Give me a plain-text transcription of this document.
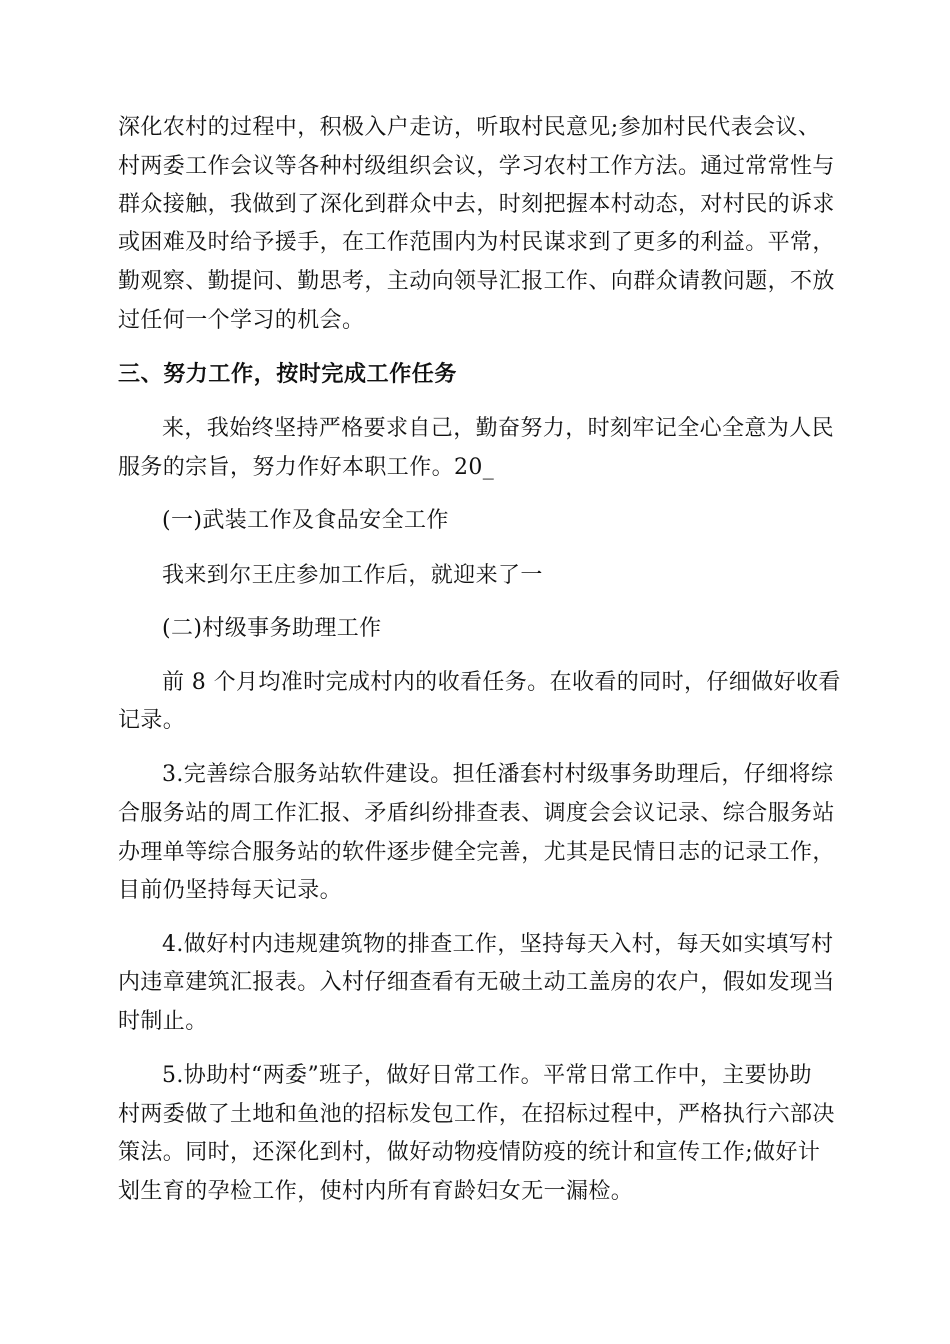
深化农村的过程中，积极入户走访，听取村民意见;参加村民代表会议、
村两委工作会议等各种村级组织会议，学习农村工作方法。通过常常性与
群众接触，我做到了深化到群众中去，时刻把握本村动态，对村民的诉求
或困难及时给予援手，在工作范围内为村民谋求到了更多的利益。平常，
勤观察、勤提问、勤思考，主动向领导汇报工作、向群众请教问题，不放
过任何一个学习的机会。
三、努力工作，按时完成工作任务
来，我始终坚持严格要求自己，勤奋努力，时刻牢记全心全意为人民
服务的宗旨，努力作好本职工作。20_
(一)武装工作及食品安全工作
我来到尔王庄参加工作后，就迎来了一
(二)村级事务助理工作
前 8 个月均准时完成村内的收看任务。在收看的同时，仔细做好收看
记录。
3.完善综合服务站软件建设。担任潘套村村级事务助理后，仔细将综
合服务站的周工作汇报、矛盾纠纷排查表、调度会会议记录、综合服务站
办理单等综合服务站的软件逐步健全完善，尤其是民情日志的记录工作，
目前仍坚持每天记录。
4.做好村内违规建筑物的排查工作，坚持每天入村，每天如实填写村
内违章建筑汇报表。入村仔细查看有无破土动工盖房的农户，假如发现当
时制止。
5.协助村“两委”班子，做好日常工作。平常日常工作中，主要协助
村两委做了土地和鱼池的招标发包工作，在招标过程中，严格执行六部决
策法。同时，还深化到村，做好动物疫情防疫的统计和宣传工作;做好计
划生育的孕检工作，使村内所有育龄妇女无一漏检。
